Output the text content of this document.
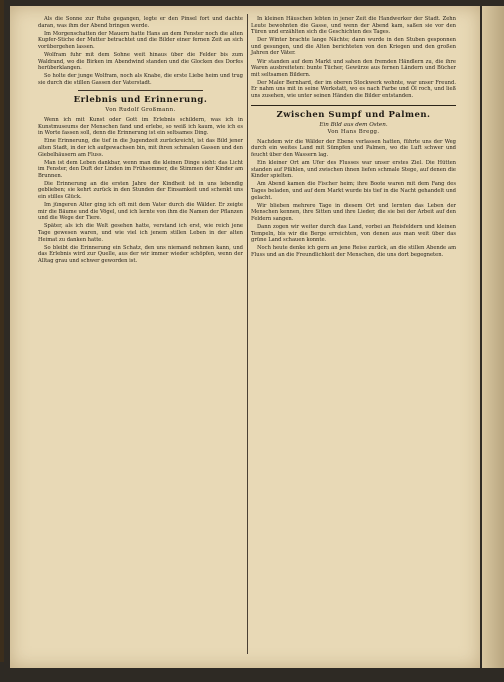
Als die Sonne zur Ruhe gegangen, legte er den Pinsel fort und dachte daran, was ihm der Abend bringen werde.

Im Morgenschatten der Mauern hatte Hans an dem Fenster noch die alten Kupfer-Stiche der Mutter betrachtet und die Bilder einer fernen Zeit an sich vorübergehen lassen.

Wolfram fuhr mit dem Sohne weit hinaus über die Felder bis zum Waldrand, wo die Birken im Abendwind standen und die Glocken des Dorfes herüberklangen.

So holte der junge Wolfram, noch als Knabe, die erste Liebe heim und trug sie durch die stillen Gassen der Vaterstadt.

Erlebnis und Erinnerung.
Von Rudolf Großmann.

Wenn ich mit Kunst oder Gott im Erlebnis schildern, was ich in Kunstmuseums der Menschen fand und erlebe, so weiß ich kaum, wie ich es in Worte fassen soll, denn die Erinnerung ist ein seltsames Ding.

Eine Erinnerung, die tief in die Jugendzeit zurückreicht, ist das Bild jener alten Stadt, in der ich aufgewachsen bin, mit ihren schmalen Gassen und den Giebelhäusern am Fluss.

Man ist dem Leben dankbar, wenn man die kleinen Dinge sieht: das Licht im Fenster, den Duft der Linden im Frühsommer, die Stimmen der Kinder am Brunnen.

Die Erinnerung an die ersten Jahre der Kindheit ist in uns lebendig geblieben; sie kehrt zurück in den Stunden der Einsamkeit und schenkt uns ein stilles Glück.

Im jüngeren Alter ging ich oft mit dem Vater durch die Wälder. Er zeigte mir die Bäume und die Vögel, und ich lernte von ihm die Namen der Pflanzen und die Wege der Tiere.

Später, als ich die Welt gesehen hatte, verstand ich erst, wie reich jene Tage gewesen waren, und wie viel ich jenem stillen Leben in der alten Heimat zu danken hatte.

So bleibt die Erinnerung ein Schatz, den uns niemand nehmen kann, und das Erlebnis wird zur Quelle, aus der wir immer wieder schöpfen, wenn der Alltag grau und schwer geworden ist.

In kleinen Häuschen lebten in jener Zeit die Handwerker der Stadt. Zehn Leute bewohnten die Gasse, und wenn der Abend kam, saßen sie vor den Türen und erzählten sich die Geschichten des Tages.

Der Winter brachte lange Nächte; dann wurde in den Stuben gesponnen und gesungen, und die Alten berichteten von den Kriegen und den großen Jahren der Väter.

Wir standen auf dem Markt und sahen den fremden Händlern zu, die ihre Waren ausbreiteten: bunte Tücher, Gewürze aus fernen Ländern und Bücher mit seltsamen Bildern.

Der Maler Bernhard, der im oberen Stockwerk wohnte, war unser Freund. Er nahm uns mit in seine Werkstatt, wo es nach Farbe und Öl roch, und ließ uns zusehen, wie unter seinen Händen die Bilder entstanden.

Zwischen Sumpf und Palmen.
Ein Bild aus dem Osten.
Von Hans Bregg.

Nachdem wir die Wälder der Ebene verlassen hatten, führte uns der Weg durch ein weites Land mit Sümpfen und Palmen, wo die Luft schwer und feucht über den Wassern lag.

Ein kleiner Ort am Ufer des Flusses war unser erstes Ziel. Die Hütten standen auf Pfählen, und zwischen ihnen liefen schmale Stege, auf denen die Kinder spielten.

Am Abend kamen die Fischer heim; ihre Boote waren mit dem Fang des Tages beladen, und auf dem Markt wurde bis tief in die Nacht gehandelt und gelacht.

Wir blieben mehrere Tage in diesem Ort und lernten das Leben der Menschen kennen, ihre Sitten und ihre Lieder, die sie bei der Arbeit auf den Feldern sangen.

Dann zogen wir weiter durch das Land, vorbei an Reisfeldern und kleinen Tempeln, bis wir die Berge erreichten, von denen aus man weit über das grüne Land schauen konnte.

Noch heute denke ich gern an jene Reise zurück, an die stillen Abende am Fluss und an die Freundlichkeit der Menschen, die uns dort begegneten.
